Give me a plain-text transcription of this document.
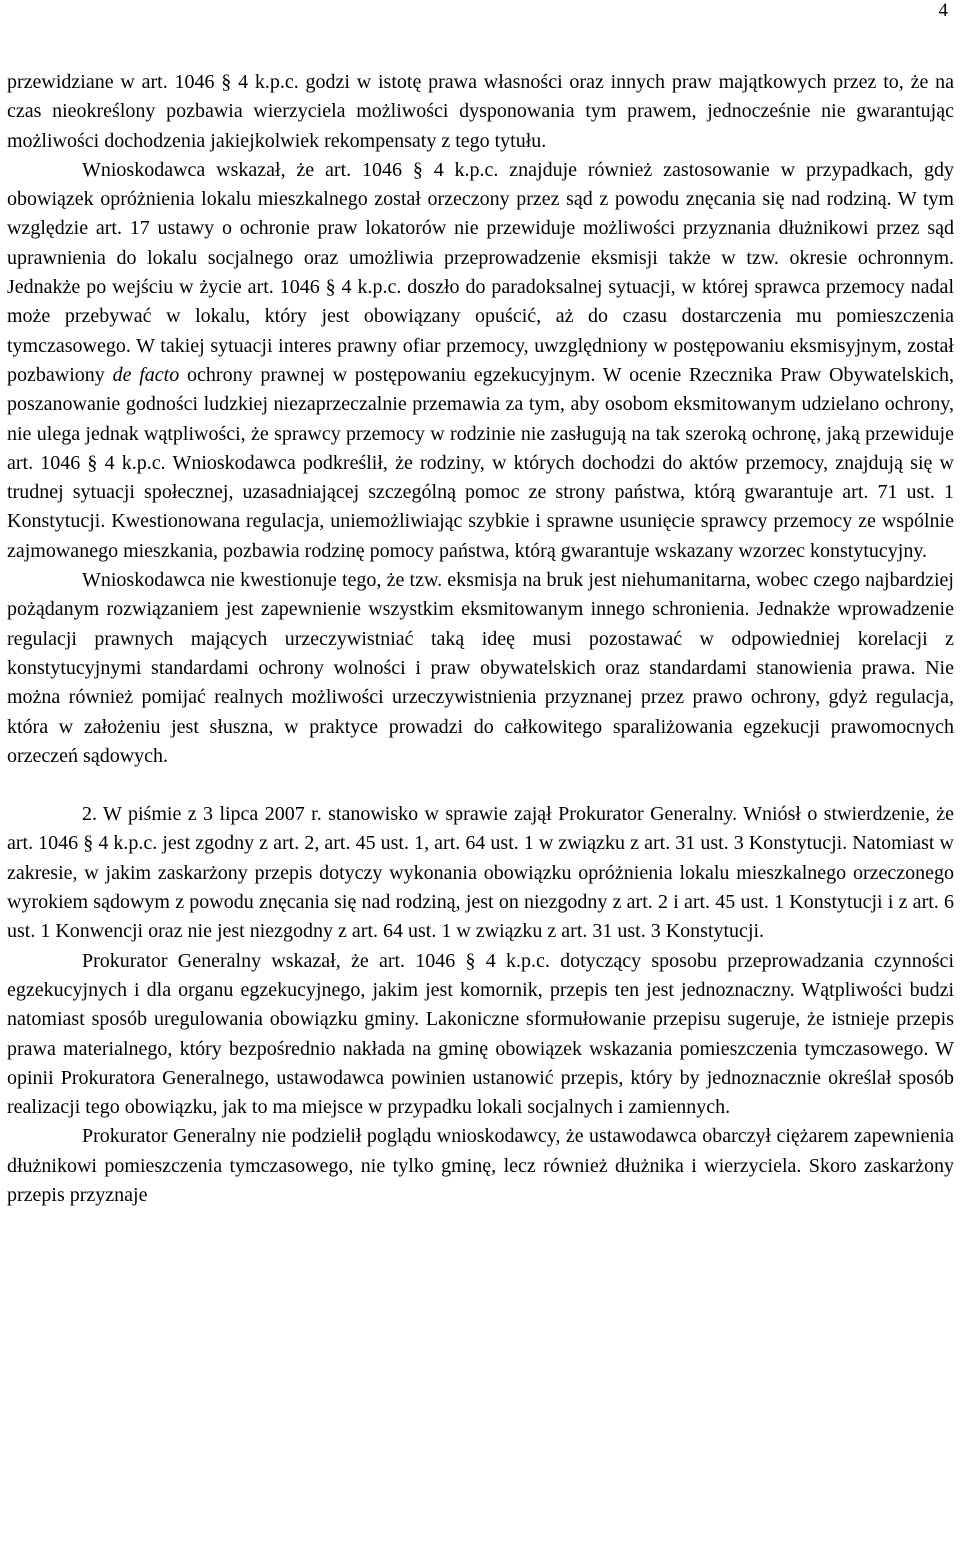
4

przewidziane w art. 1046 § 4 k.p.c. godzi w istotę prawa własności oraz innych praw majątkowych przez to, że na czas nieokreślony pozbawia wierzyciela możliwości dysponowania tym prawem, jednocześnie nie gwarantując możliwości dochodzenia jakiejkolwiek rekompensaty z tego tytułu.

Wnioskodawca wskazał, że art. 1046 § 4 k.p.c. znajduje również zastosowanie w przypadkach, gdy obowiązek opróżnienia lokalu mieszkalnego został orzeczony przez sąd z powodu znęcania się nad rodziną. W tym względzie art. 17 ustawy o ochronie praw lokatorów nie przewiduje możliwości przyznania dłużnikowi przez sąd uprawnienia do lokalu socjalnego oraz umożliwia przeprowadzenie eksmisji także w tzw. okresie ochronnym. Jednakże po wejściu w życie art. 1046 § 4 k.p.c. doszło do paradoksalnej sytuacji, w której sprawca przemocy nadal może przebywać w lokalu, który jest obowiązany opuścić, aż do czasu dostarczenia mu pomieszczenia tymczasowego. W takiej sytuacji interes prawny ofiar przemocy, uwzględniony w postępowaniu eksmisyjnym, został pozbawiony de facto ochrony prawnej w postępowaniu egzekucyjnym. W ocenie Rzecznika Praw Obywatelskich, poszanowanie godności ludzkiej niezaprzeczalnie przemawia za tym, aby osobom eksmitowanym udzielano ochrony, nie ulega jednak wątpliwości, że sprawcy przemocy w rodzinie nie zasługują na tak szeroką ochronę, jaką przewiduje art. 1046 § 4 k.p.c. Wnioskodawca podkreślił, że rodziny, w których dochodzi do aktów przemocy, znajdują się w trudnej sytuacji społecznej, uzasadniającej szczególną pomoc ze strony państwa, którą gwarantuje art. 71 ust. 1 Konstytucji. Kwestionowana regulacja, uniemożliwiając szybkie i sprawne usunięcie sprawcy przemocy ze wspólnie zajmowanego mieszkania, pozbawia rodzinę pomocy państwa, którą gwarantuje wskazany wzorzec konstytucyjny.

Wnioskodawca nie kwestionuje tego, że tzw. eksmisja na bruk jest niehumanitarna, wobec czego najbardziej pożądanym rozwiązaniem jest zapewnienie wszystkim eksmitowanym innego schronienia. Jednakże wprowadzenie regulacji prawnych mających urzeczywistniać taką ideę musi pozostawać w odpowiedniej korelacji z konstytucyjnymi standardami ochrony wolności i praw obywatelskich oraz standardami stanowienia prawa. Nie można również pomijać realnych możliwości urzeczywistnienia przyznanej przez prawo ochrony, gdyż regulacja, która w założeniu jest słuszna, w praktyce prowadzi do całkowitego sparaliżowania egzekucji prawomocnych orzeczeń sądowych.

2. W piśmie z 3 lipca 2007 r. stanowisko w sprawie zajął Prokurator Generalny. Wniósł o stwierdzenie, że art. 1046 § 4 k.p.c. jest zgodny z art. 2, art. 45 ust. 1, art. 64 ust. 1 w związku z art. 31 ust. 3 Konstytucji. Natomiast w zakresie, w jakim zaskarżony przepis dotyczy wykonania obowiązku opróżnienia lokalu mieszkalnego orzeczonego wyrokiem sądowym z powodu znęcania się nad rodziną, jest on niezgodny z art. 2 i art. 45 ust. 1 Konstytucji i z art. 6 ust. 1 Konwencji oraz nie jest niezgodny z art. 64 ust. 1 w związku z art. 31 ust. 3 Konstytucji.

Prokurator Generalny wskazał, że art. 1046 § 4 k.p.c. dotyczący sposobu przeprowadzania czynności egzekucyjnych i dla organu egzekucyjnego, jakim jest komornik, przepis ten jest jednoznaczny. Wątpliwości budzi natomiast sposób uregulowania obowiązku gminy. Lakoniczne sformułowanie przepisu sugeruje, że istnieje przepis prawa materialnego, który bezpośrednio nakłada na gminę obowiązek wskazania pomieszczenia tymczasowego. W opinii Prokuratora Generalnego, ustawodawca powinien ustanowić przepis, który by jednoznacznie określał sposób realizacji tego obowiązku, jak to ma miejsce w przypadku lokali socjalnych i zamiennych.

Prokurator Generalny nie podzielił poglądu wnioskodawcy, że ustawodawca obarczył ciężarem zapewnienia dłużnikowi pomieszczenia tymczasowego, nie tylko gminę, lecz również dłużnika i wierzyciela. Skoro zaskarżony przepis przyznaje
